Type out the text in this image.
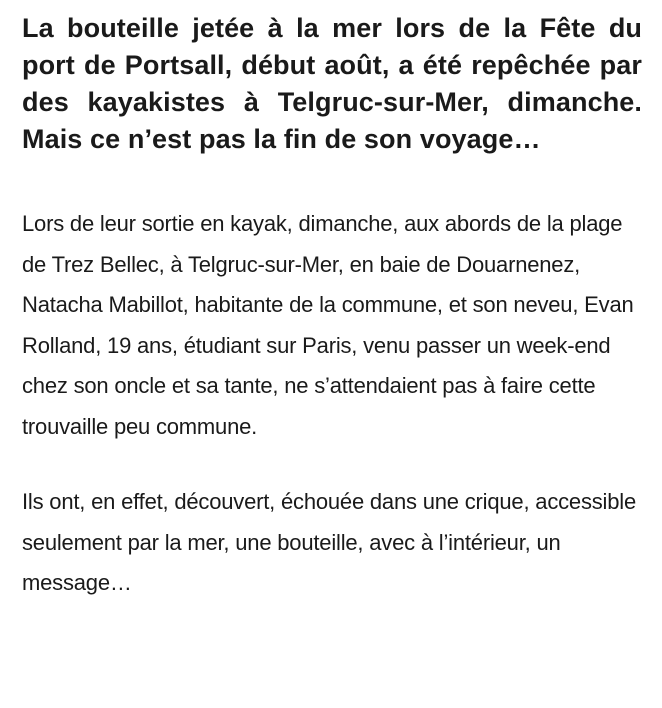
La bouteille jetée à la mer lors de la Fête du port de Portsall, début août, a été repêchée par des kayakistes à Telgruc-sur-Mer, dimanche. Mais ce n’est pas la fin de son voyage…

Lors de leur sortie en kayak, dimanche, aux abords de la plage de Trez Bellec, à Telgruc-sur-Mer, en baie de Douarnenez, Natacha Mabillot, habitante de la commune, et son neveu, Evan Rolland, 19 ans, étudiant sur Paris, venu passer un week-end chez son oncle et sa tante, ne s’attendaient pas à faire cette trouvaille peu commune.

Ils ont, en effet, découvert, échouée dans une crique, accessible seulement par la mer, une bouteille, avec à l’intérieur, un message…
